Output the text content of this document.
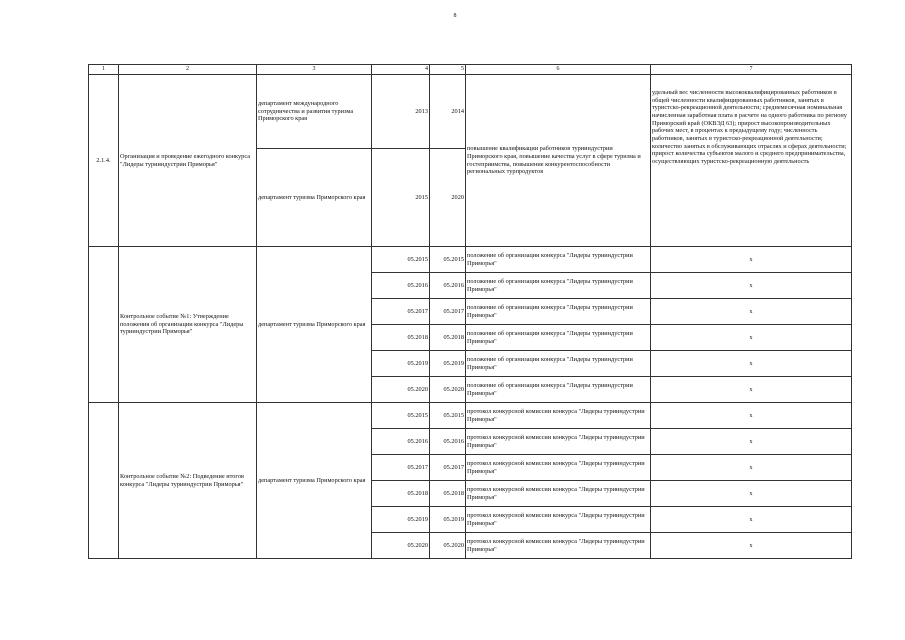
8
1	2	3	4	5	6	7
2.1.4.	Организация и проведение ежегодного конкурса "Лидеры турииндустрии Приморья"	департамент международного сотрудничества и развития туризма Приморского края	2013	2014	повышение квалификации работников турииндустрии Приморского края, повышение качества услуг в сфере туризма и гостеприимства, повышение конкурентоспособности региональных турпродуктов	удельный вес численности высококвалифицированных работников в общей численности квалифицированных работников, занятых в туристско-рекреационной деятельности; среднемесячная номинальная начисленная заработная плата в расчете на одного работника по региону Приморский край (ОКВЭД 63); прирост высокопроизводительных рабочих мест, в процентах к предыдущему году; численность работников, занятых в туристско-рекреационной деятельности; количество занятых в обслуживающих отраслях и сферах деятельности; прирост количества субъектов малого и среднего предпринимательства, осуществляющих туристско-рекреационную деятельность
		департамент туризма Приморского края	2015	2020		
	Контрольное событие №1: Утверждение положения об организации конкурса "Лидеры турииндустрии Приморья"	департамент туризма Приморского края	05.2015	05.2015	положение об организации конкурса "Лидеры турииндустрии Приморья"	x
			05.2016	05.2016	положение об организации конкурса "Лидеры турииндустрии Приморья"	x
			05.2017	05.2017	положение об организации конкурса "Лидеры турииндустрии Приморья"	x
			05.2018	05.2018	положение об организации конкурса "Лидеры турииндустрии Приморья"	x
			05.2019	05.2019	положение об организации конкурса "Лидеры турииндустрии Приморья"	x
			05.2020	05.2020	положение об организации конкурса "Лидеры турииндустрии Приморья"	x
	Контрольное событие №2: Подведение итогов конкурса "Лидеры турииндустрии Приморья"	департамент туризма Приморского края	05.2015	05.2015	протокол конкурсной комиссии конкурса "Лидеры турииндустрии Приморья"	x
			05.2016	05.2016	протокол конкурсной комиссии конкурса "Лидеры турииндустрии Приморья"	x
			05.2017	05.2017	протокол конкурсной комиссии конкурса "Лидеры турииндустрии Приморья"	x
			05.2018	05.2018	протокол конкурсной комиссии конкурса "Лидеры турииндустрии Приморья"	x
			05.2019	05.2019	протокол конкурсной комиссии конкурса "Лидеры турииндустрии Приморья"	x
			05.2020	05.2020	протокол конкурсной комиссии конкурса "Лидеры турииндустрии Приморья"	x
